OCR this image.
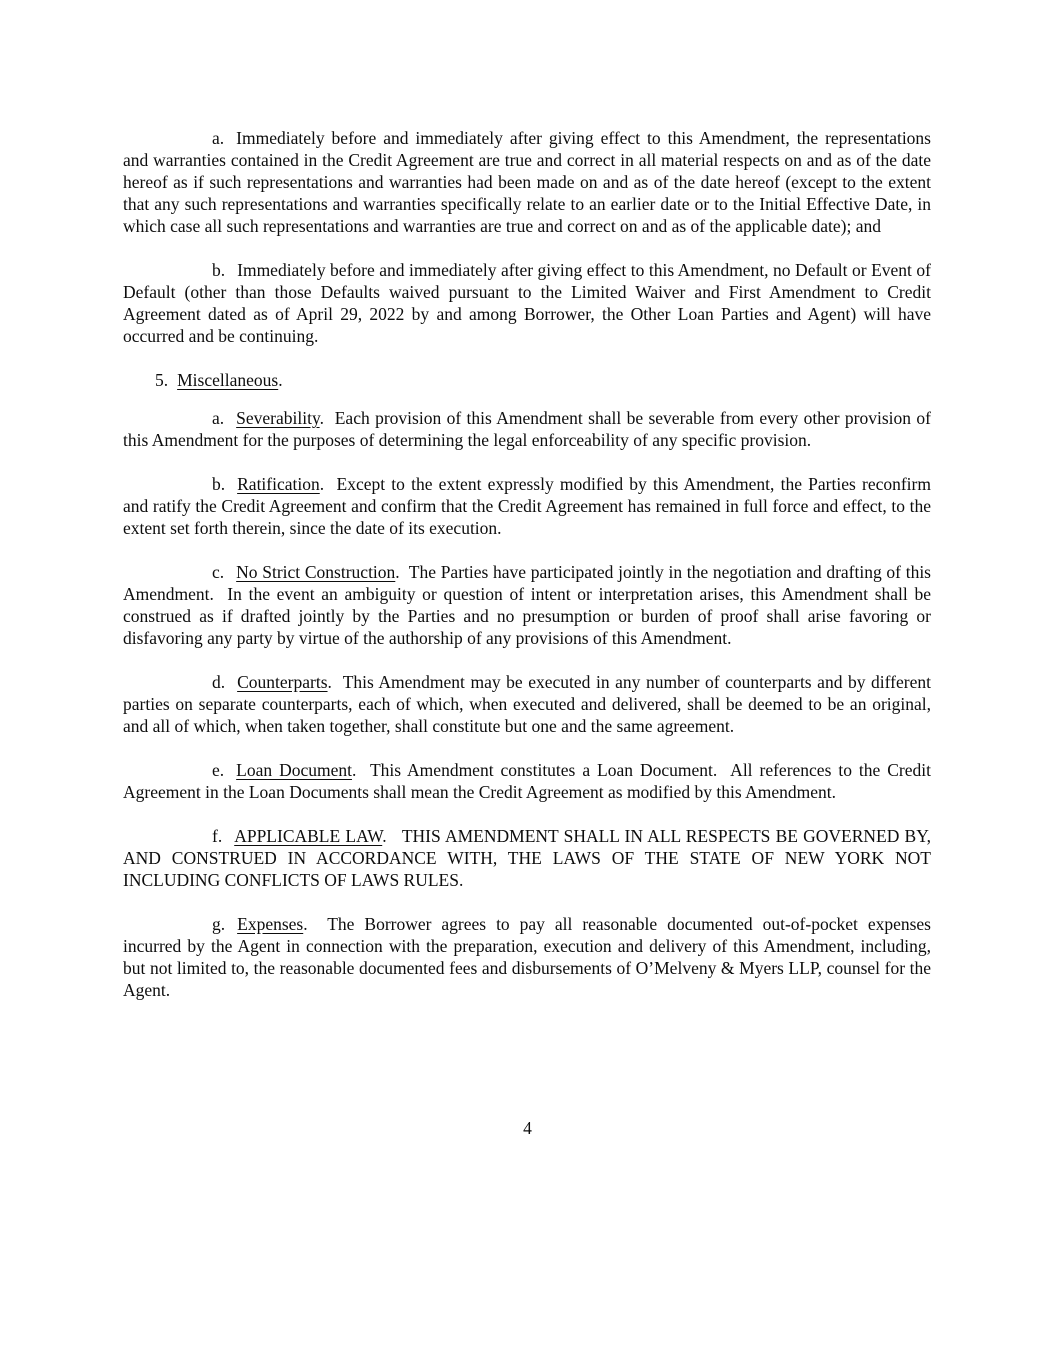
a. Immediately before and immediately after giving effect to this Amendment, the representations and warranties contained in the Credit Agreement are true and correct in all material respects on and as of the date hereof as if such representations and warranties had been made on and as of the date hereof (except to the extent that any such representations and warranties specifically relate to an earlier date or to the Initial Effective Date, in which case all such representations and warranties are true and correct on and as of the applicable date); and

b. Immediately before and immediately after giving effect to this Amendment, no Default or Event of Default (other than those Defaults waived pursuant to the Limited Waiver and First Amendment to Credit Agreement dated as of April 29, 2022 by and among Borrower, the Other Loan Parties and Agent) will have occurred and be continuing.

5. Miscellaneous.

a. Severability.  Each provision of this Amendment shall be severable from every other provision of this Amendment for the purposes of determining the legal enforceability of any specific provision.

b. Ratification.  Except to the extent expressly modified by this Amendment, the Parties reconfirm and ratify the Credit Agreement and confirm that the Credit Agreement has remained in full force and effect, to the extent set forth therein, since the date of its execution.

c. No Strict Construction.  The Parties have participated jointly in the negotiation and drafting of this Amendment.  In the event an ambiguity or question of intent or interpretation arises, this Amendment shall be construed as if drafted jointly by the Parties and no presumption or burden of proof shall arise favoring or disfavoring any party by virtue of the authorship of any provisions of this Amendment.

d. Counterparts.  This Amendment may be executed in any number of counterparts and by different parties on separate counterparts, each of which, when executed and delivered, shall be deemed to be an original, and all of which, when taken together, shall constitute but one and the same agreement.

e. Loan Document.  This Amendment constitutes a Loan Document.  All references to the Credit Agreement in the Loan Documents shall mean the Credit Agreement as modified by this Amendment.

f. APPLICABLE LAW.   THIS AMENDMENT SHALL IN ALL RESPECTS BE GOVERNED BY, AND CONSTRUED IN ACCORDANCE WITH, THE LAWS OF THE STATE OF NEW YORK NOT INCLUDING CONFLICTS OF LAWS RULES.

g. Expenses.  The Borrower agrees to pay all reasonable documented out-of-pocket expenses incurred by the Agent in connection with the preparation, execution and delivery of this Amendment, including, but not limited to, the reasonable documented fees and disbursements of O’Melveny & Myers LLP, counsel for the Agent.

4
